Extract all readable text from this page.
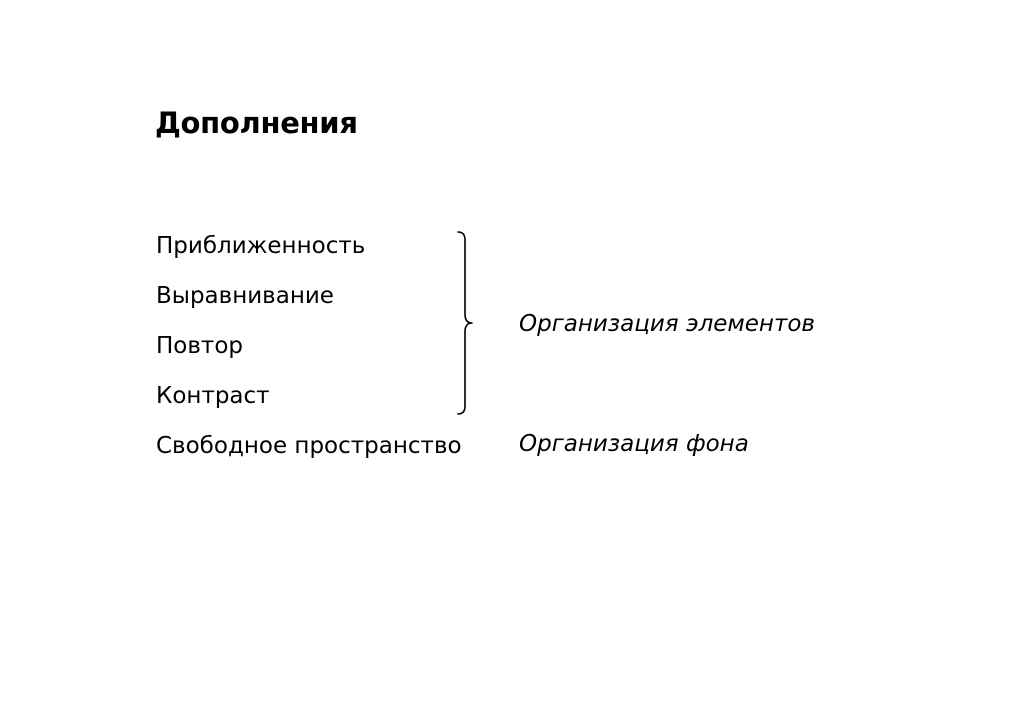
Дополнения
Приближенность
Выравнивание
Повтор
Контраст
Свободное пространство
Организация элементов
Организация фона
